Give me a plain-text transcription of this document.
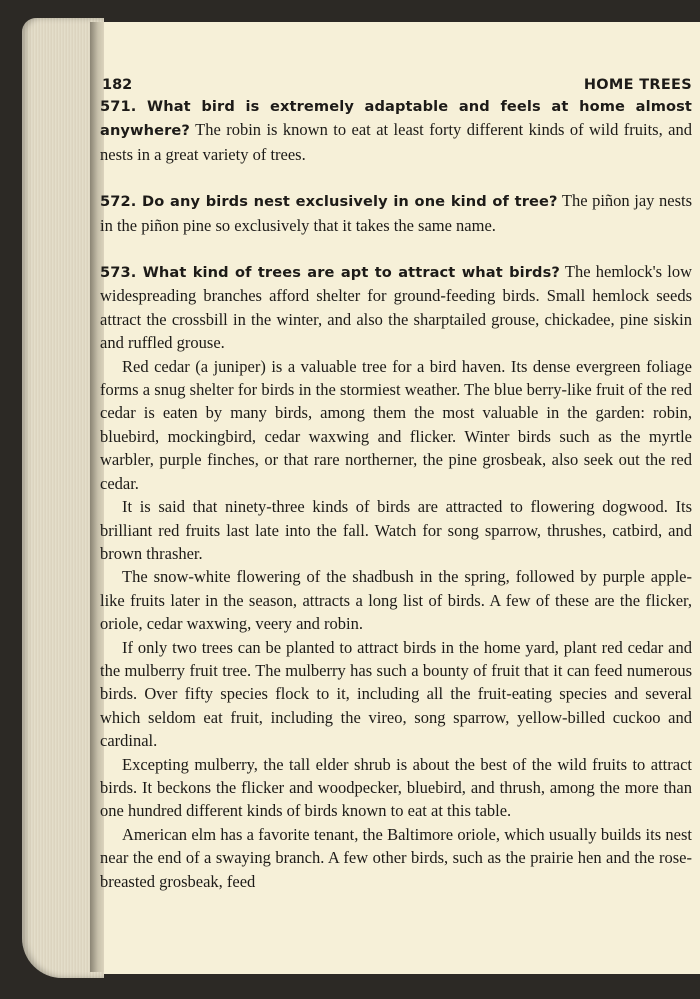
182	HOME TREES
571. What bird is extremely adaptable and feels at home almost anywhere? The robin is known to eat at least forty different kinds of wild fruits, and nests in a great variety of trees.
572. Do any birds nest exclusively in one kind of tree? The piñon jay nests in the piñon pine so exclusively that it takes the same name.
573. What kind of trees are apt to attract what birds? The hemlock's low widespreading branches afford shelter for ground-feeding birds. Small hemlock seeds attract the crossbill in the winter, and also the sharptailed grouse, chickadee, pine siskin and ruffled grouse.

Red cedar (a juniper) is a valuable tree for a bird haven. Its dense evergreen foliage forms a snug shelter for birds in the stormiest weather. The blue berry-like fruit of the red cedar is eaten by many birds, among them the most valuable in the garden: robin, bluebird, mockingbird, cedar waxwing and flicker. Winter birds such as the myrtle warbler, purple finches, or that rare northerner, the pine grosbeak, also seek out the red cedar.

It is said that ninety-three kinds of birds are attracted to flowering dogwood. Its brilliant red fruits last late into the fall. Watch for song sparrow, thrushes, catbird, and brown thrasher.

The snow-white flowering of the shadbush in the spring, followed by purple apple-like fruits later in the season, attracts a long list of birds. A few of these are the flicker, oriole, cedar waxwing, veery and robin.

If only two trees can be planted to attract birds in the home yard, plant red cedar and the mulberry fruit tree. The mulberry has such a bounty of fruit that it can feed numerous birds. Over fifty species flock to it, including all the fruit-eating species and several which seldom eat fruit, including the vireo, song sparrow, yellow-billed cuckoo and cardinal.

Excepting mulberry, the tall elder shrub is about the best of the wild fruits to attract birds. It beckons the flicker and woodpecker, bluebird, and thrush, among the more than one hundred different kinds of birds known to eat at this table.

American elm has a favorite tenant, the Baltimore oriole, which usually builds its nest near the end of a swaying branch. A few other birds, such as the prairie hen and the rose-breasted grosbeak, feed
